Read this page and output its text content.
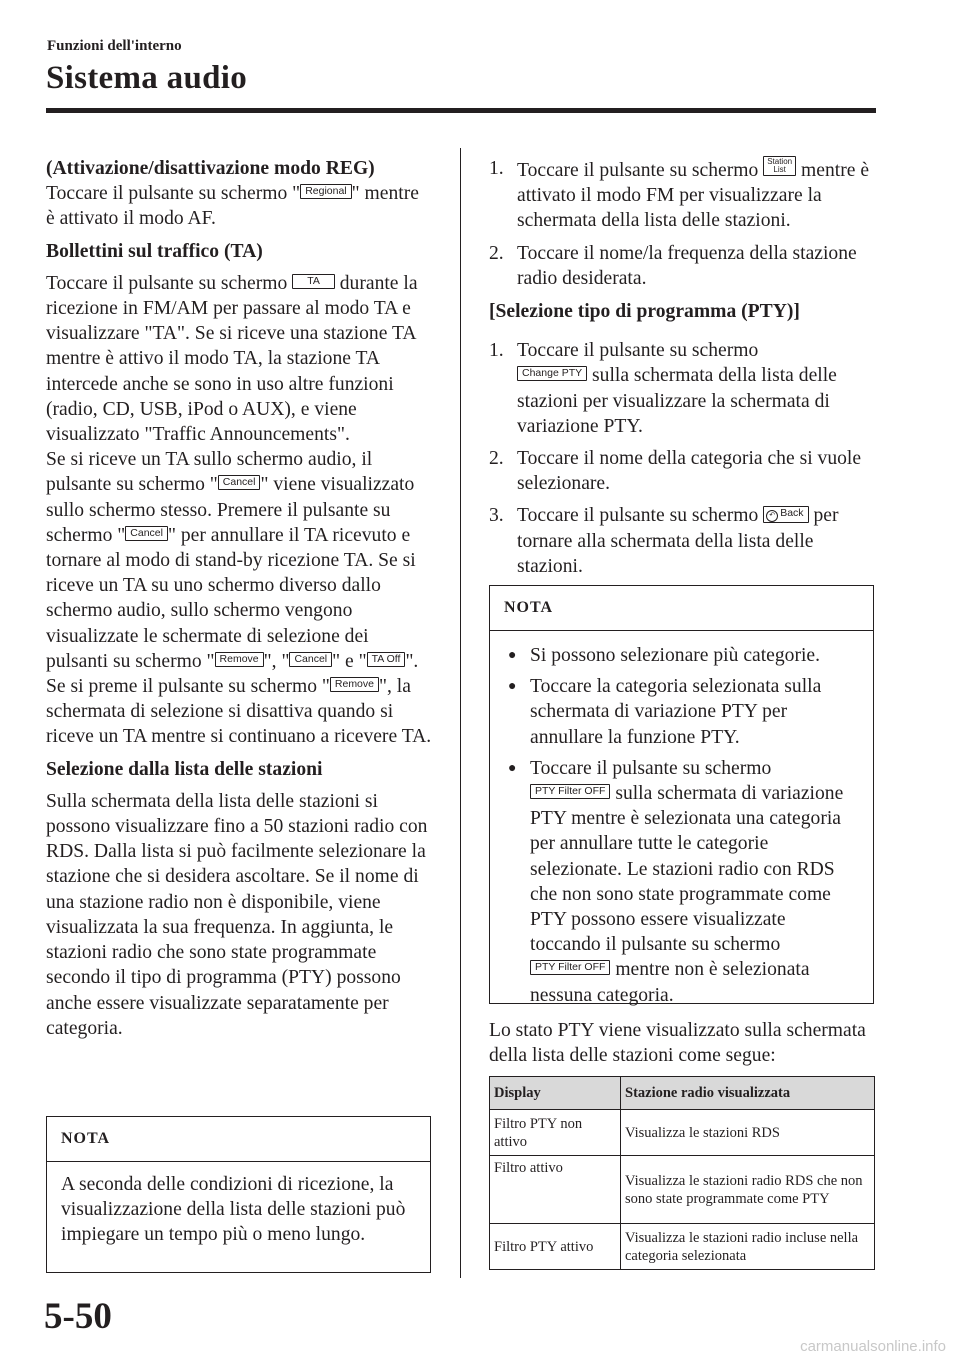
Funzioni dell'interno
Sistema audio

(Attivazione/disattivazione modo REG)

Toccare il pulsante su schermo " Regional " mentre è attivato il modo AF.

Bollettini sul traffico (TA)

Toccare il pulsante su schermo TA durante la ricezione in FM/AM per passare al modo TA e visualizzare "TA". Se si riceve una stazione TA mentre è attivo il modo TA, la stazione TA intercede anche se sono in uso altre funzioni (radio, CD, USB, iPod o AUX), e viene visualizzato "Traffic Announcements".

Se si riceve un TA sullo schermo audio, il pulsante su schermo " Cancel " viene visualizzato sullo schermo stesso. Premere il pulsante su schermo " Cancel " per annullare il TA ricevuto e tornare al modo di stand-by ricezione TA. Se si riceve un TA su uno schermo diverso dallo schermo audio, sullo schermo vengono visualizzate le schermate di selezione dei pulsanti su schermo " Remove ", " Cancel " e " TA Off ". Se si preme il pulsante su schermo " Remove ", la schermata di selezione si disattiva quando si riceve un TA mentre si continuano a ricevere TA.

Selezione dalla lista delle stazioni

Sulla schermata della lista delle stazioni si possono visualizzare fino a 50 stazioni radio con RDS. Dalla lista si può facilmente selezionare la stazione che si desidera ascoltare. Se il nome di una stazione radio non è disponibile, viene visualizzata la sua frequenza. In aggiunta, le stazioni radio che sono state programmate secondo il tipo di programma (PTY) possono anche essere visualizzate separatamente per categoria.

NOTA
A seconda delle condizioni di ricezione, la visualizzazione della lista delle stazioni può impiegare un tempo più o meno lungo.
1. Toccare il pulsante su schermo Station
List mentre è attivato il modo FM per visualizzare la schermata della lista delle stazioni.
2. Toccare il nome/la frequenza della stazione radio desiderata.

[Selezione tipo di programma (PTY)]

1. Toccare il pulsante su schermo
Change PTY sulla schermata della lista delle stazioni per visualizzare la schermata di variazione PTY.
2. Toccare il nome della categoria che si vuole selezionare.
3. Toccare il pulsante su schermo ↶ Back per tornare alla schermata della lista delle stazioni.
NOTA
● Si possono selezionare più categorie.
● Toccare la categoria selezionata sulla schermata di variazione PTY per annullare la funzione PTY.
● Toccare il pulsante su schermo
PTY Filter OFF sulla schermata di variazione PTY mentre è selezionata una categoria per annullare tutte le categorie selezionate. Le stazioni radio con RDS che non sono state programmate come PTY possono essere visualizzate toccando il pulsante su schermo
PTY Filter OFF mentre non è selezionata nessuna categoria.

Lo stato PTY viene visualizzato sulla schermata della lista delle stazioni come segue:

Display	Stazione radio visualizzata
Filtro PTY non attivo	Visualizza le stazioni RDS
Filtro attivo	Visualizza le stazioni radio RDS che non sono state programmate come PTY
Filtro PTY attivo	Visualizza le stazioni radio incluse nella categoria selezionata
5-50
carmanualsonline.info
